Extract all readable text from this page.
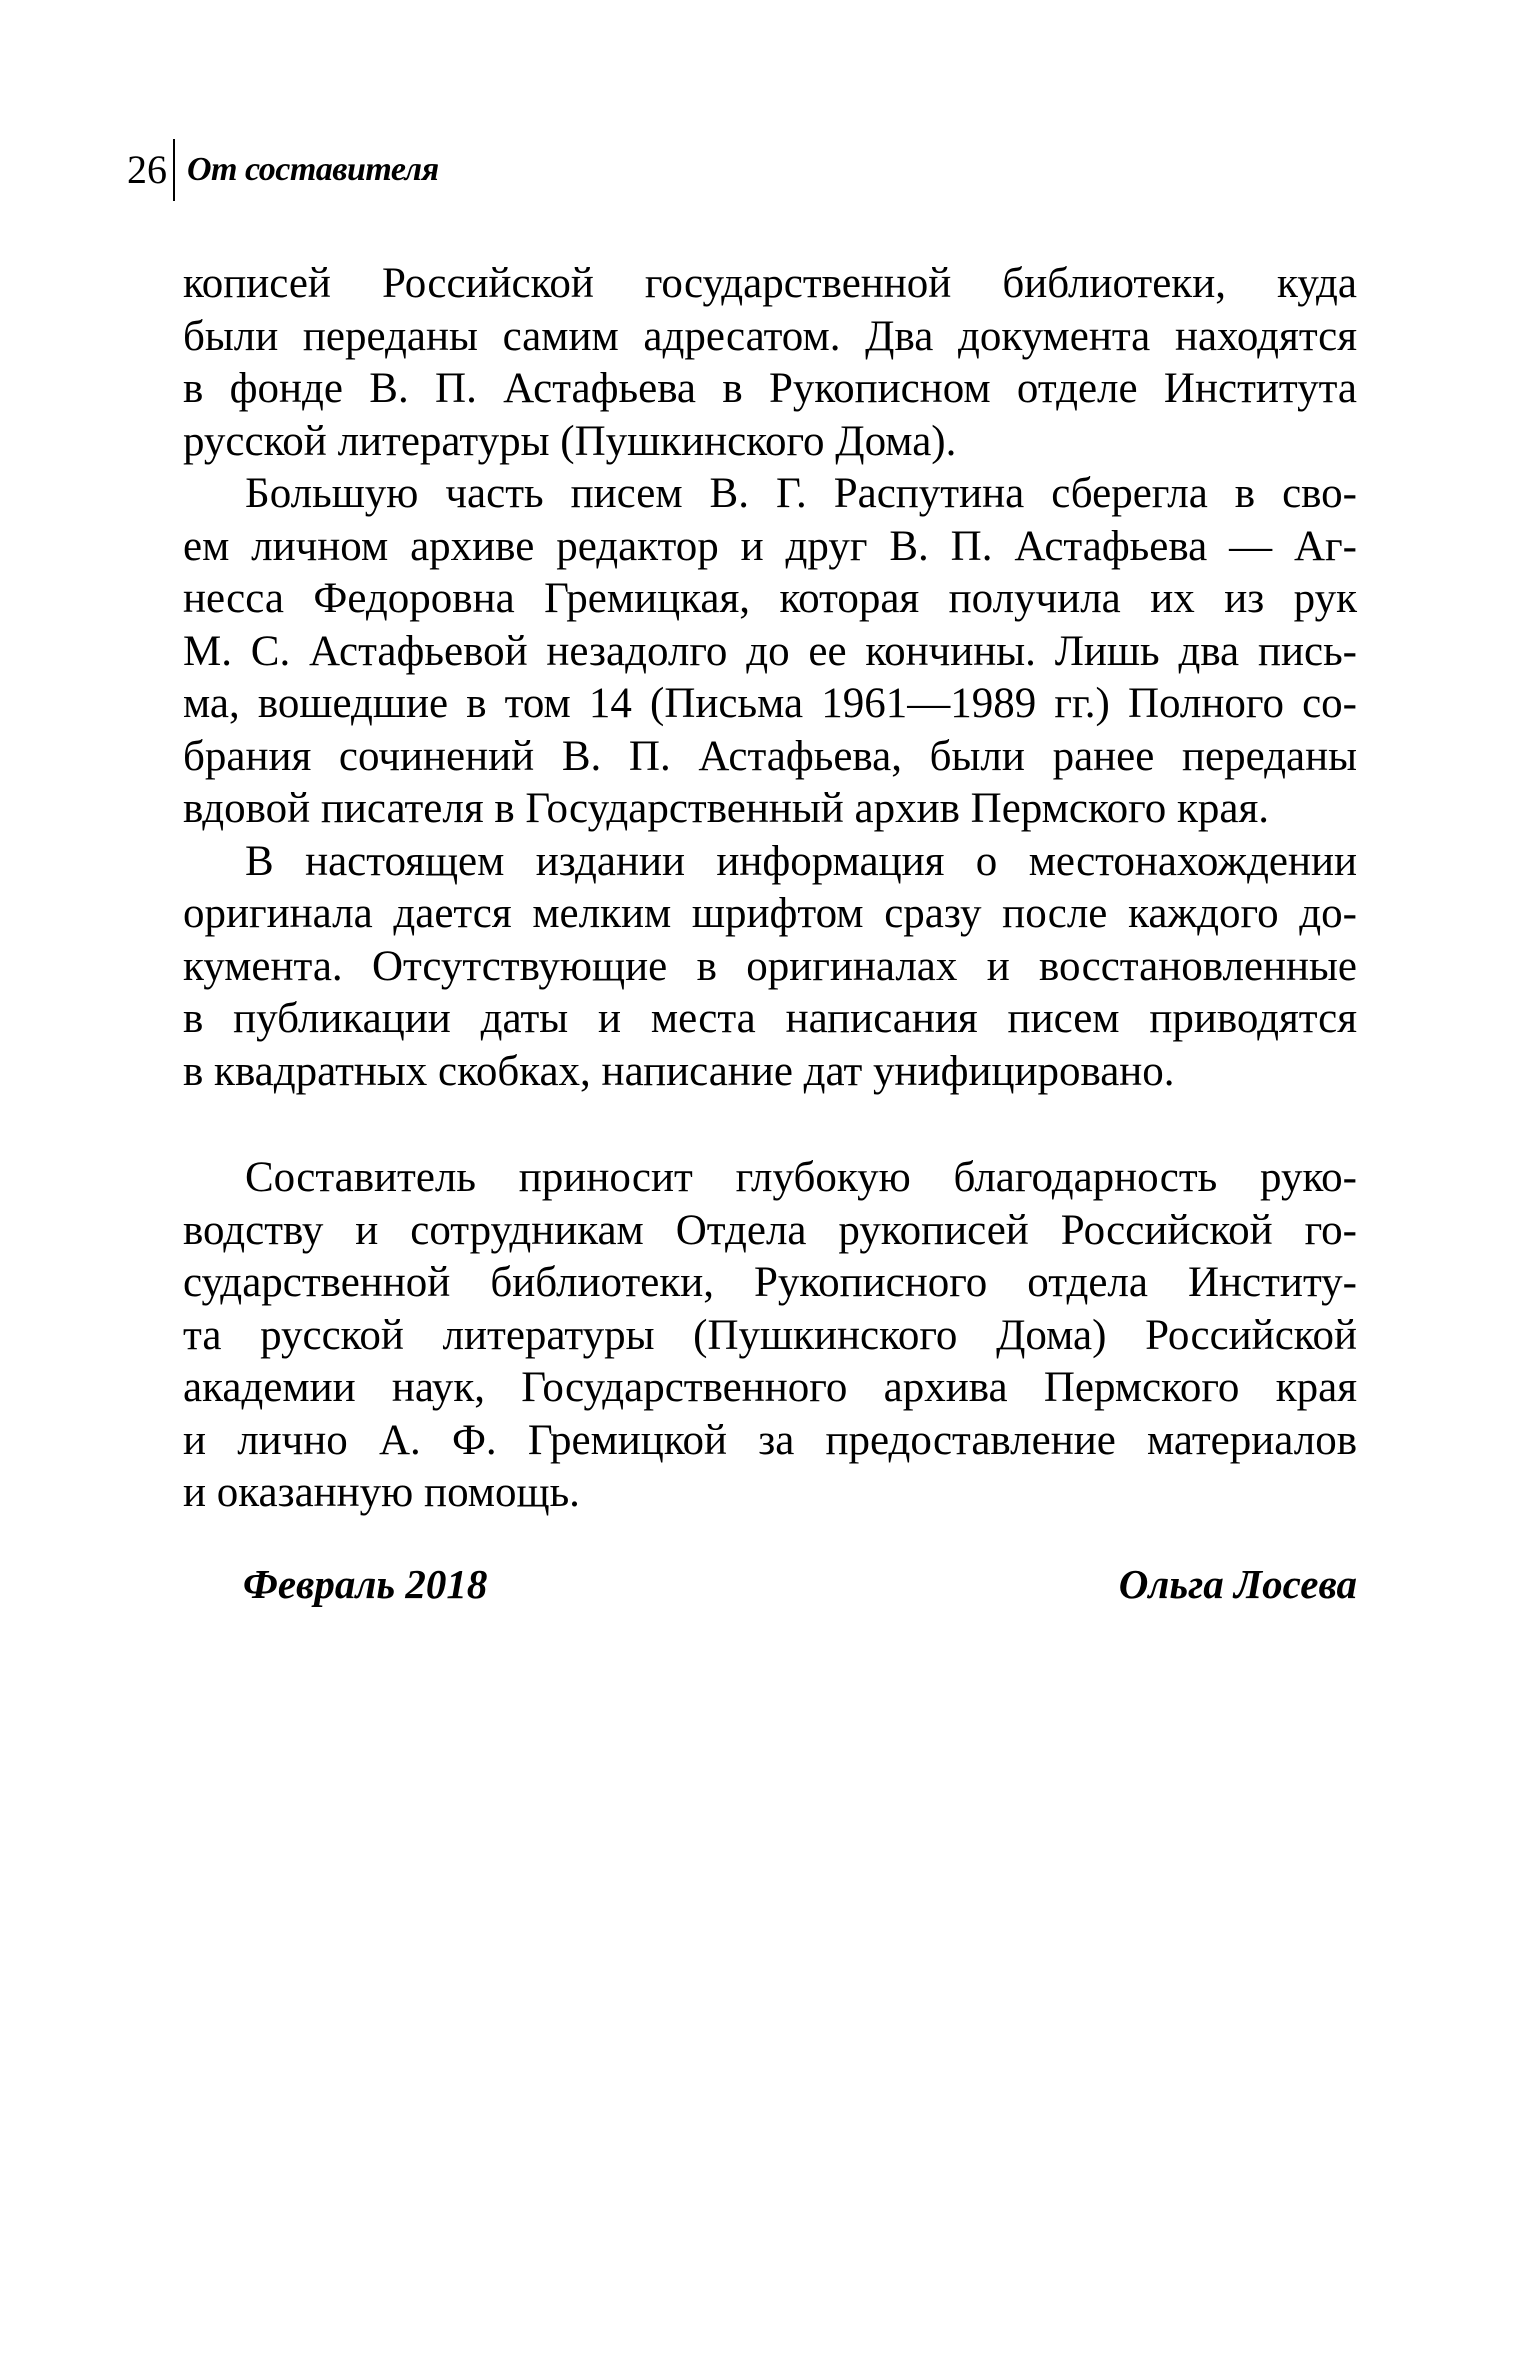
26 От составителя

кописей Российской государственной библиотеки, куда

были переданы самим адресатом. Два документа находятся

в фонде В. П. Астафьева в Рукописном отделе Института

русской литературы (Пушкинского Дома).

Большую часть писем В. Г. Распутина сберегла в сво-

ем личном архиве редактор и друг В. П. Астафьева — Аг-

несса Федоровна Гремицкая, которая получила их из рук

М. С. Астафьевой незадолго до ее кончины. Лишь два пись-

ма, вошедшие в том 14 (Письма 1961—1989 гг.) Полного со-

брания сочинений В. П. Астафьева, были ранее переданы

вдовой писателя в Государственный архив Пермского края.

В настоящем издании информация о местонахождении

оригинала дается мелким шрифтом сразу после каждого до-

кумента. Отсутствующие в оригиналах и восстановленные

в публикации даты и места написания писем приводятся

в квадратных скобках, написание дат унифицировано.

Составитель приносит глубокую благодарность руко-

водству и сотрудникам Отдела рукописей Российской го-

сударственной библиотеки, Рукописного отдела Институ-

та русской литературы (Пушкинского Дома) Российской

академии наук, Государственного архива Пермского края

и лично А. Ф. Гремицкой за предоставление материалов

и оказанную помощь.

Февраль 2018	Ольга Лосева
